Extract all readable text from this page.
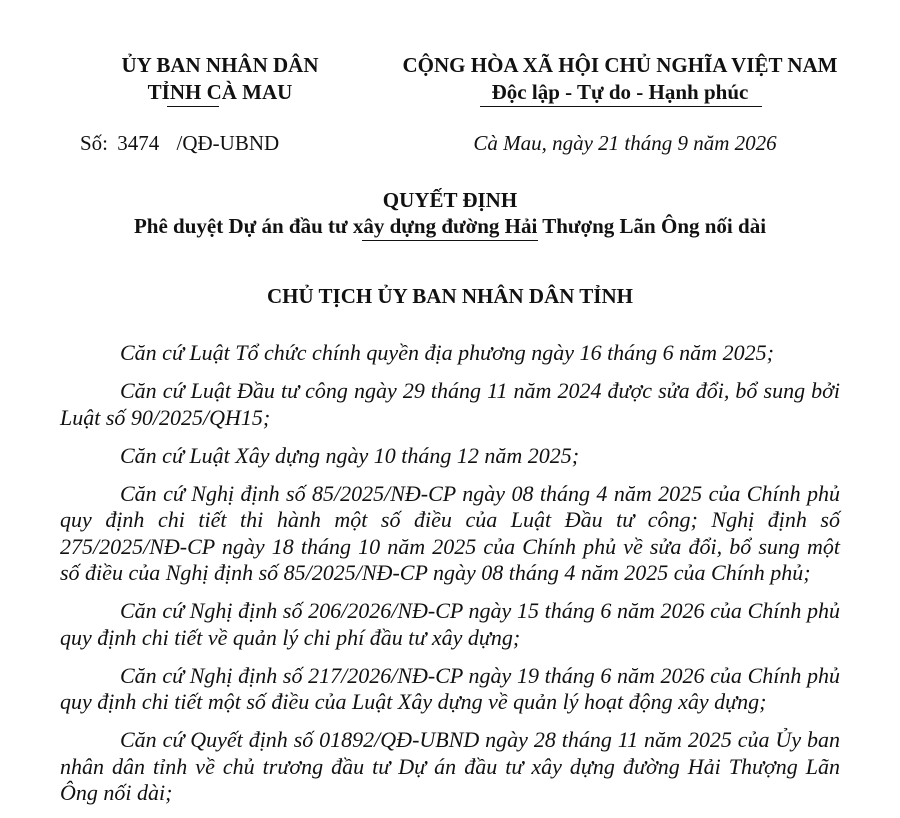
ỦY BAN NHÂN DÂN
TỈNH CÀ MAU
CỘNG HÒA XÃ HỘI CHỦ NGHĨA VIỆT NAM
Độc lập - Tự do - Hạnh phúc
Số: 3474 /QĐ-UBND	Cà Mau, ngày 21 tháng 9 năm 2026
QUYẾT ĐỊNH
Phê duyệt Dự án đầu tư xây dựng đường Hải Thượng Lãn Ông nối dài
CHỦ TỊCH ỦY BAN NHÂN DÂN TỈNH

Căn cứ Luật Tổ chức chính quyền địa phương ngày 16 tháng 6 năm 2025;

Căn cứ Luật Đầu tư công ngày 29 tháng 11 năm 2024 được sửa đổi, bổ sung bởi Luật số 90/2025/QH15;

Căn cứ Luật Xây dựng ngày 10 tháng 12 năm 2025;

Căn cứ Nghị định số 85/2025/NĐ-CP ngày 08 tháng 4 năm 2025 của Chính phủ quy định chi tiết thi hành một số điều của Luật Đầu tư công; Nghị định số 275/2025/NĐ-CP ngày 18 tháng 10 năm 2025 của Chính phủ về sửa đổi, bổ sung một số điều của Nghị định số 85/2025/NĐ-CP ngày 08 tháng 4 năm 2025 của Chính phủ;

Căn cứ Nghị định số 206/2026/NĐ-CP ngày 15 tháng 6 năm 2026 của Chính phủ quy định chi tiết về quản lý chi phí đầu tư xây dựng;

Căn cứ Nghị định số 217/2026/NĐ-CP ngày 19 tháng 6 năm 2026 của Chính phủ quy định chi tiết một số điều của Luật Xây dựng về quản lý hoạt động xây dựng;

Căn cứ Quyết định số 01892/QĐ-UBND ngày 28 tháng 11 năm 2025 của Ủy ban nhân dân tỉnh về chủ trương đầu tư Dự án đầu tư xây dựng đường Hải Thượng Lãn Ông nối dài;
